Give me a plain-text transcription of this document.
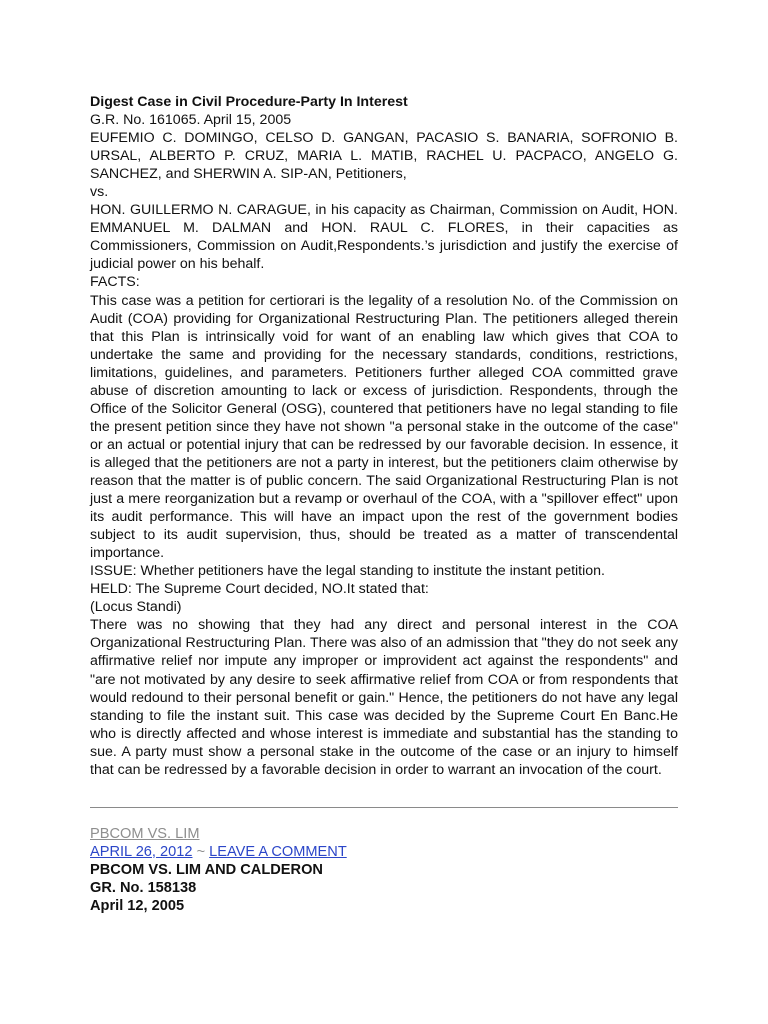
Digest Case in Civil Procedure-Party In Interest

G.R. No. 161065. April 15, 2005

EUFEMIO C. DOMINGO, CELSO D. GANGAN, PACASIO S. BANARIA, SOFRONIO B. URSAL, ALBERTO P. CRUZ, MARIA L. MATIB, RACHEL U. PACPACO, ANGELO G. SANCHEZ, and SHERWIN A. SIP-AN, Petitioners,

vs.

HON. GUILLERMO N. CARAGUE, in his capacity as Chairman, Commission on Audit, HON. EMMANUEL M. DALMAN and HON. RAUL C. FLORES, in their capacities as Commissioners, Commission on Audit,Respondents.’s jurisdiction and justify the exercise of judicial power on his behalf.

FACTS:

This case was a petition for certiorari is the legality of a resolution No. of the Commission on Audit (COA) providing for Organizational Restructuring Plan. The petitioners alleged therein that this Plan is intrinsically void for want of an enabling law which gives that COA to undertake the same and providing for the necessary standards, conditions, restrictions, limitations, guidelines, and parameters. Petitioners further alleged COA committed grave abuse of discretion amounting to lack or excess of jurisdiction. Respondents, through the Office of the Solicitor General (OSG), countered that petitioners have no legal standing to file the present petition since they have not shown "a personal stake in the outcome of the case" or an actual or potential injury that can be redressed by our favorable decision. In essence, it is alleged that the petitioners are not a party in interest, but the petitioners claim otherwise by reason that the matter is of public concern. The said Organizational Restructuring Plan is not just a mere reorganization but a revamp or overhaul of the COA, with a "spillover effect" upon its audit performance. This will have an impact upon the rest of the government bodies subject to its audit supervision, thus, should be treated as a matter of transcendental importance.

ISSUE: Whether petitioners have the legal standing to institute the instant petition.

HELD: The Supreme Court decided, NO.It stated that:

(Locus Standi)

There was no showing that they had any direct and personal interest in the COA Organizational Restructuring Plan. There was also of an admission that "they do not seek any affirmative relief nor impute any improper or improvident act against the respondents" and "are not motivated by any desire to seek affirmative relief from COA or from respondents that would redound to their personal benefit or gain." Hence, the petitioners do not have any legal standing to file the instant suit. This case was decided by the Supreme Court En Banc.He who is directly affected and whose interest is immediate and substantial has the standing to sue. A party must show a personal stake in the outcome of the case or an injury to himself that can be redressed by a favorable decision in order to warrant an invocation of the court.

PBCOM VS. LIM
APRIL 26, 2012 ~ LEAVE A COMMENT
PBCOM VS. LIM AND CALDERON
GR. No. 158138
April 12, 2005
